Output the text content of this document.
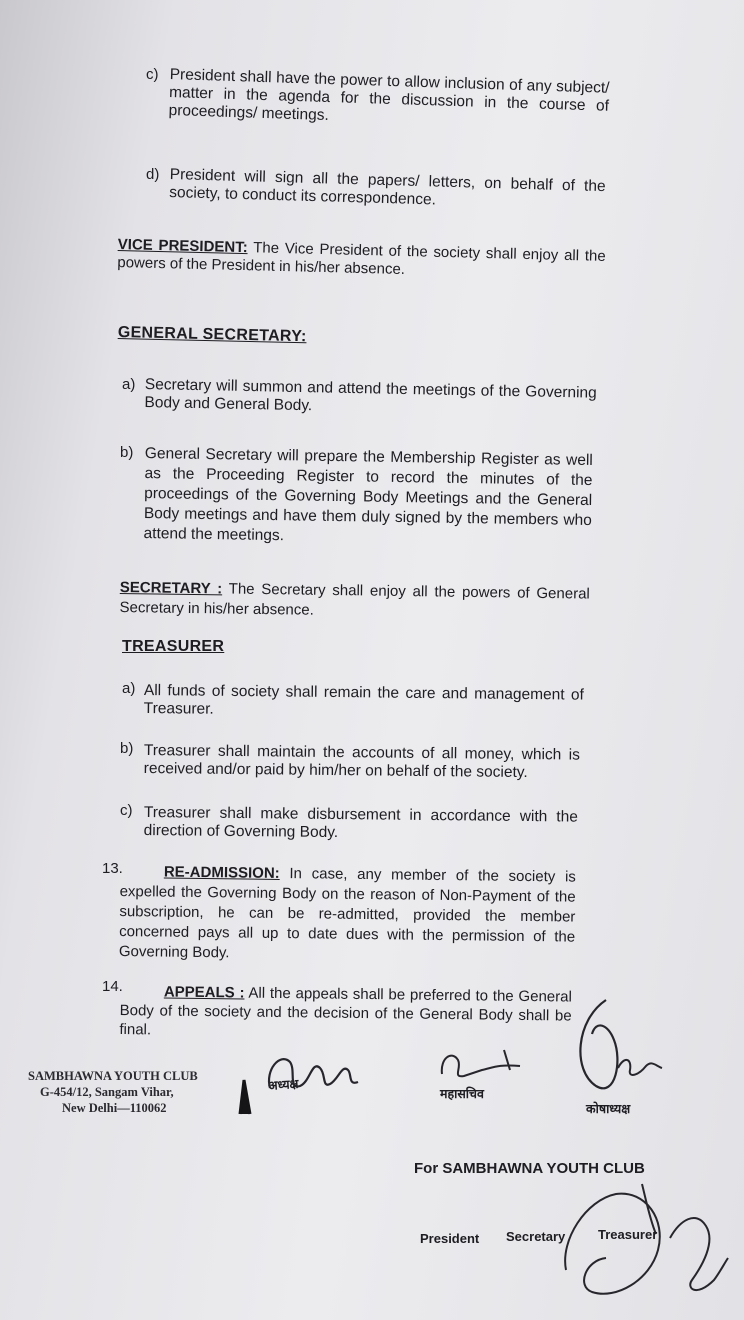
c) President shall have the power to allow inclusion of any subject/ matter in the agenda for the discussion in the course of proceedings/ meetings.
d) President will sign all the papers/ letters, on behalf of the society, to conduct its correspondence.
VICE PRESIDENT: The Vice President of the society shall enjoy all the powers of the President in his/her absence.
GENERAL SECRETARY:
a) Secretary will summon and attend the meetings of the Governing Body and General Body.
b) General Secretary will prepare the Membership Register as well as the Proceeding Register to record the minutes of the proceedings of the Governing Body Meetings and the General Body meetings and have them duly signed by the members who attend the meetings.
SECRETARY : The Secretary shall enjoy all the powers of General Secretary in his/her absence.
TREASURER
a) All funds of society shall remain the care and management of Treasurer.
b) Treasurer shall maintain the accounts of all money, which is received and/or paid by him/her on behalf of the society.
c) Treasurer shall make disbursement in accordance with the direction of Governing Body.
13.	RE-ADMISSION: In case, any member of the society is expelled the Governing Body on the reason of Non-Payment of the subscription, he can be re-admitted, provided the member concerned pays all up to date dues with the permission of the Governing Body.
14.	APPEALS : All the appeals shall be preferred to the General Body of the society and the decision of the General Body shall be final.
SAMBHAWNA YOUTH CLUB
G-454/12, Sangam Vihar,
New Delhi—110062
अध्यक्ष
महासचिव
कोषाध्यक्ष
For SAMBHAWNA YOUTH CLUB
President Secretary	Treasurer
